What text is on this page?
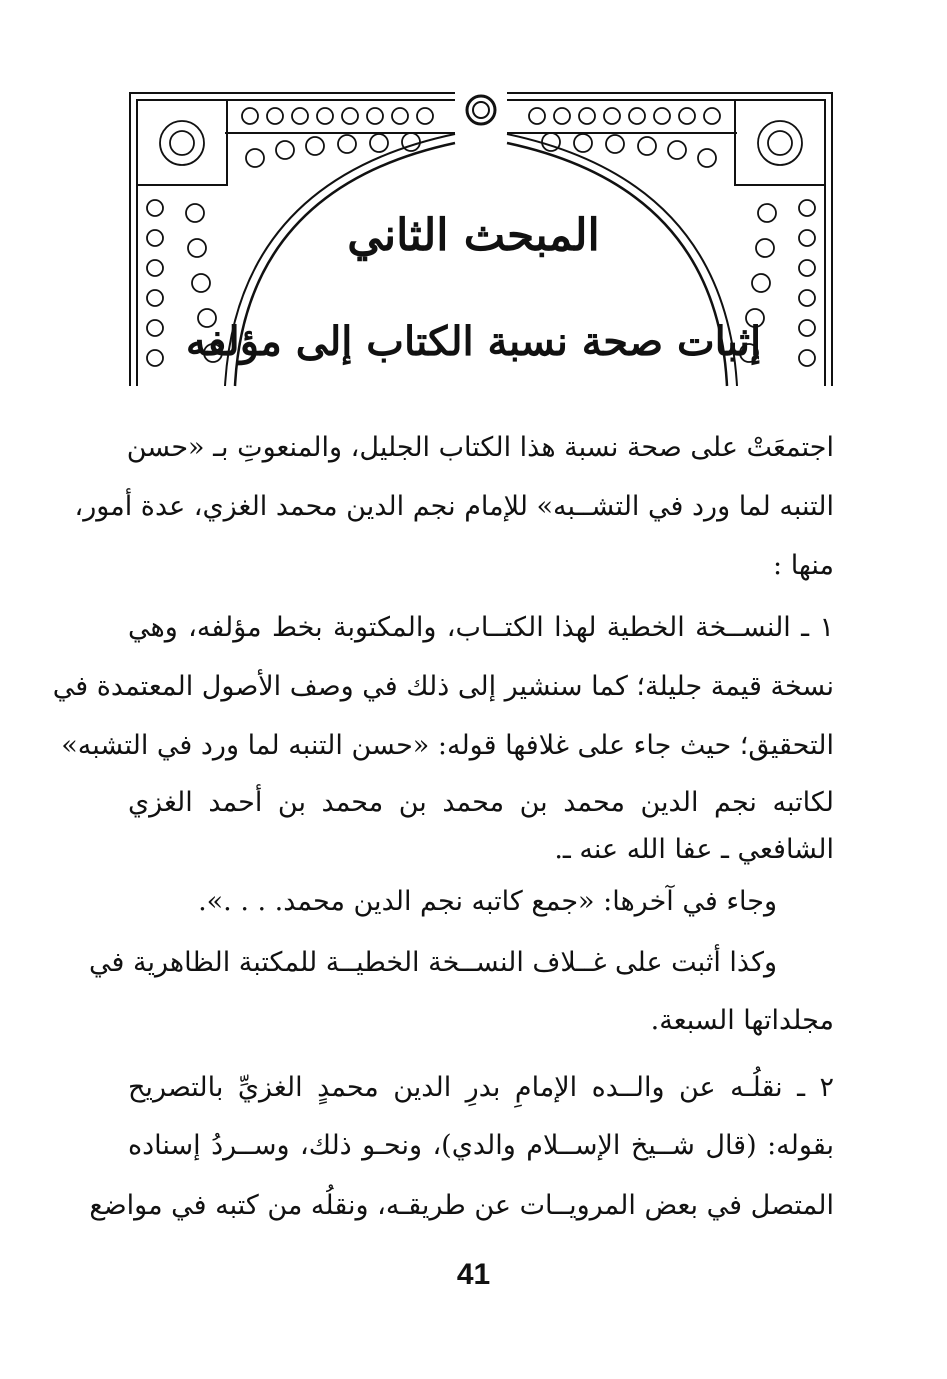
المبحث الثاني
إثبات صحة نسبة الكتاب إلى مؤلفه
اجتمعَتْ على صحة نسبة هذا الكتاب الجليل، والمنعوتِ بـ «حسن
التنبه لما ورد في التشــبه» للإمام نجم الدين محمد الغزي، عدة أمور،
منها :
١ ـ النســخة الخطية لهذا الكتــاب، والمكتوبة بخط مؤلفه، وهي
نسخة قيمة جليلة؛ كما سنشير إلى ذلك في وصف الأصول المعتمدة في
التحقيق؛ حيث جاء على غلافها قوله: «حسن التنبه لما ورد في التشبه»
لكاتبه نجم الدين محمد بن محمد بن محمد بن أحمد الغزي
الشافعي ـ عفا الله عنه ـ.
وجاء في آخرها: «جمع كاتبه نجم الدين محمد. . . .».
وكذا أثبت على غــلاف النســخة الخطيــة للمكتبة الظاهرية في
مجلداتها السبعة.
٢ ـ نقلُـه عن والــده الإمامِ بدرِ الدين محمدٍ الغزيِّ بالتصريح
بقوله: (قال شــيخ الإســلام والدي)، ونحـو ذلك، وســردُ إسناده
المتصل في بعض المرويــات عن طريقـه، ونقلُه من كتبه في مواضع
41
